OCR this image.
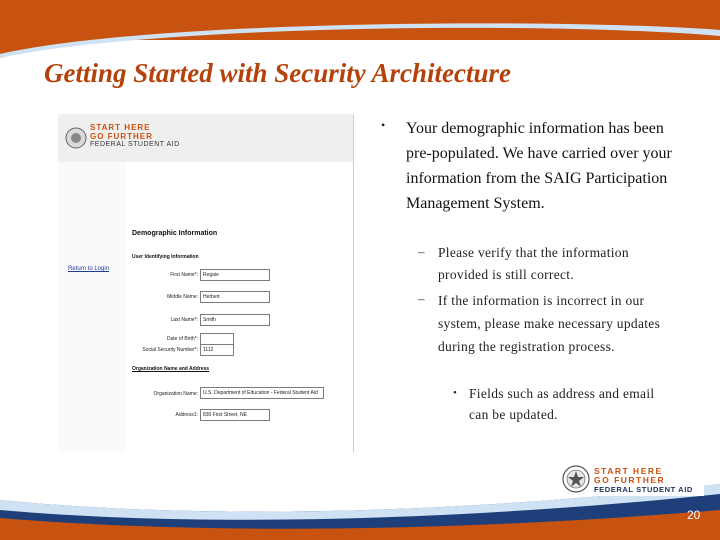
Getting Started with Security Architecture
START HERE
GO FURTHER
FEDERAL STUDENT AID
Return to Login
Demographic Information
User Identifying Information
First Name*:	Regaie
Middle Name:	Herbert
Last Name*:	Smith
Date of Birth*:
Social Security Number*:	1112
Organization Name and Address
Organization Name:	U.S. Department of Education - Federal Student Aid
Address1:	830 First Street, NE
• Your demographic information has been pre-populated. We have carried over your information from the SAIG Participation Management System.
– Please verify that the information provided is still correct.
– If the information is incorrect in our system, please make necessary updates during the registration process.
• Fields such as address and email can be updated.
START HERE
GO FURTHER
FEDERAL STUDENT AID
20
